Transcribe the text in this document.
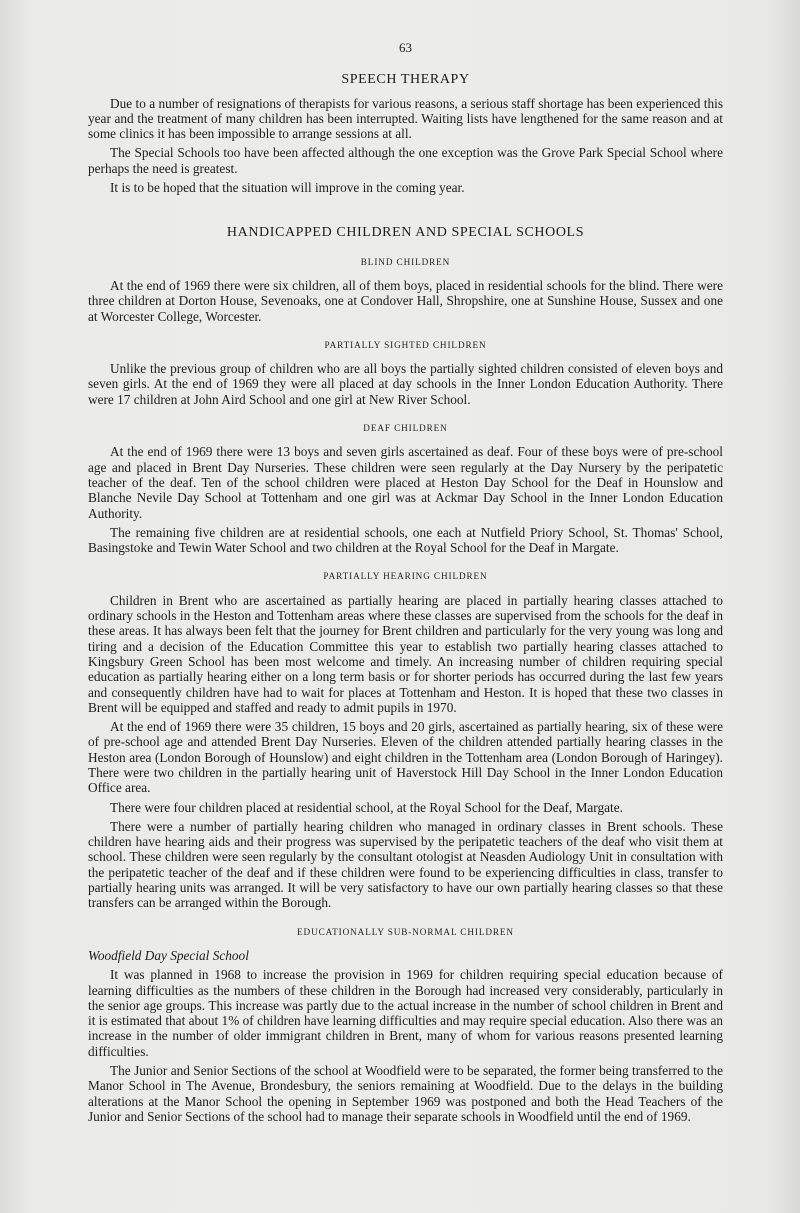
63
SPEECH THERAPY

Due to a number of resignations of therapists for various reasons, a serious staff shortage has been experienced this year and the treatment of many children has been interrupted. Waiting lists have lengthened for the same reason and at some clinics it has been impossible to arrange sessions at all.

The Special Schools too have been affected although the one exception was the Grove Park Special School where perhaps the need is greatest.

It is to be hoped that the situation will improve in the coming year.

HANDICAPPED CHILDREN AND SPECIAL SCHOOLS
BLIND CHILDREN

At the end of 1969 there were six children, all of them boys, placed in residential schools for the blind. There were three children at Dorton House, Sevenoaks, one at Condover Hall, Shropshire, one at Sunshine House, Sussex and one at Worcester College, Worcester.

PARTIALLY SIGHTED CHILDREN

Unlike the previous group of children who are all boys the partially sighted children consisted of eleven boys and seven girls. At the end of 1969 they were all placed at day schools in the Inner London Education Authority. There were 17 children at John Aird School and one girl at New River School.

DEAF CHILDREN

At the end of 1969 there were 13 boys and seven girls ascertained as deaf. Four of these boys were of pre-school age and placed in Brent Day Nurseries. These children were seen regularly at the Day Nursery by the peripatetic teacher of the deaf. Ten of the school children were placed at Heston Day School for the Deaf in Hounslow and Blanche Nevile Day School at Tottenham and one girl was at Ackmar Day School in the Inner London Education Authority.

The remaining five children are at residential schools, one each at Nutfield Priory School, St. Thomas' School, Basingstoke and Tewin Water School and two children at the Royal School for the Deaf in Margate.

PARTIALLY HEARING CHILDREN

Children in Brent who are ascertained as partially hearing are placed in partially hearing classes attached to ordinary schools in the Heston and Tottenham areas where these classes are supervised from the schools for the deaf in these areas. It has always been felt that the journey for Brent children and particularly for the very young was long and tiring and a decision of the Education Committee this year to establish two partially hearing classes attached to Kingsbury Green School has been most welcome and timely. An increasing number of children requiring special education as partially hearing either on a long term basis or for shorter periods has occurred during the last few years and consequently children have had to wait for places at Tottenham and Heston. It is hoped that these two classes in Brent will be equipped and staffed and ready to admit pupils in 1970.

At the end of 1969 there were 35 children, 15 boys and 20 girls, ascertained as partially hearing, six of these were of pre-school age and attended Brent Day Nurseries. Eleven of the children attended partially hearing classes in the Heston area (London Borough of Hounslow) and eight children in the Tottenham area (London Borough of Haringey). There were two children in the partially hearing unit of Haverstock Hill Day School in the Inner London Education Office area.

There were four children placed at residential school, at the Royal School for the Deaf, Margate.

There were a number of partially hearing children who managed in ordinary classes in Brent schools. These children have hearing aids and their progress was supervised by the peripatetic teachers of the deaf who visit them at school. These children were seen regularly by the consultant otologist at Neasden Audiology Unit in consultation with the peripatetic teacher of the deaf and if these children were found to be experiencing difficulties in class, transfer to partially hearing units was arranged. It will be very satisfactory to have our own partially hearing classes so that these transfers can be arranged within the Borough.

EDUCATIONALLY SUB-NORMAL CHILDREN
Woodfield Day Special School

It was planned in 1968 to increase the provision in 1969 for children requiring special education because of learning difficulties as the numbers of these children in the Borough had increased very considerably, particularly in the senior age groups. This increase was partly due to the actual increase in the number of school children in Brent and it is estimated that about 1% of children have learning difficulties and may require special education. Also there was an increase in the number of older immigrant children in Brent, many of whom for various reasons presented learning difficulties.

The Junior and Senior Sections of the school at Woodfield were to be separated, the former being transferred to the Manor School in The Avenue, Brondesbury, the seniors remaining at Woodfield. Due to the delays in the building alterations at the Manor School the opening in September 1969 was postponed and both the Head Teachers of the Junior and Senior Sections of the school had to manage their separate schools in Woodfield until the end of 1969.
